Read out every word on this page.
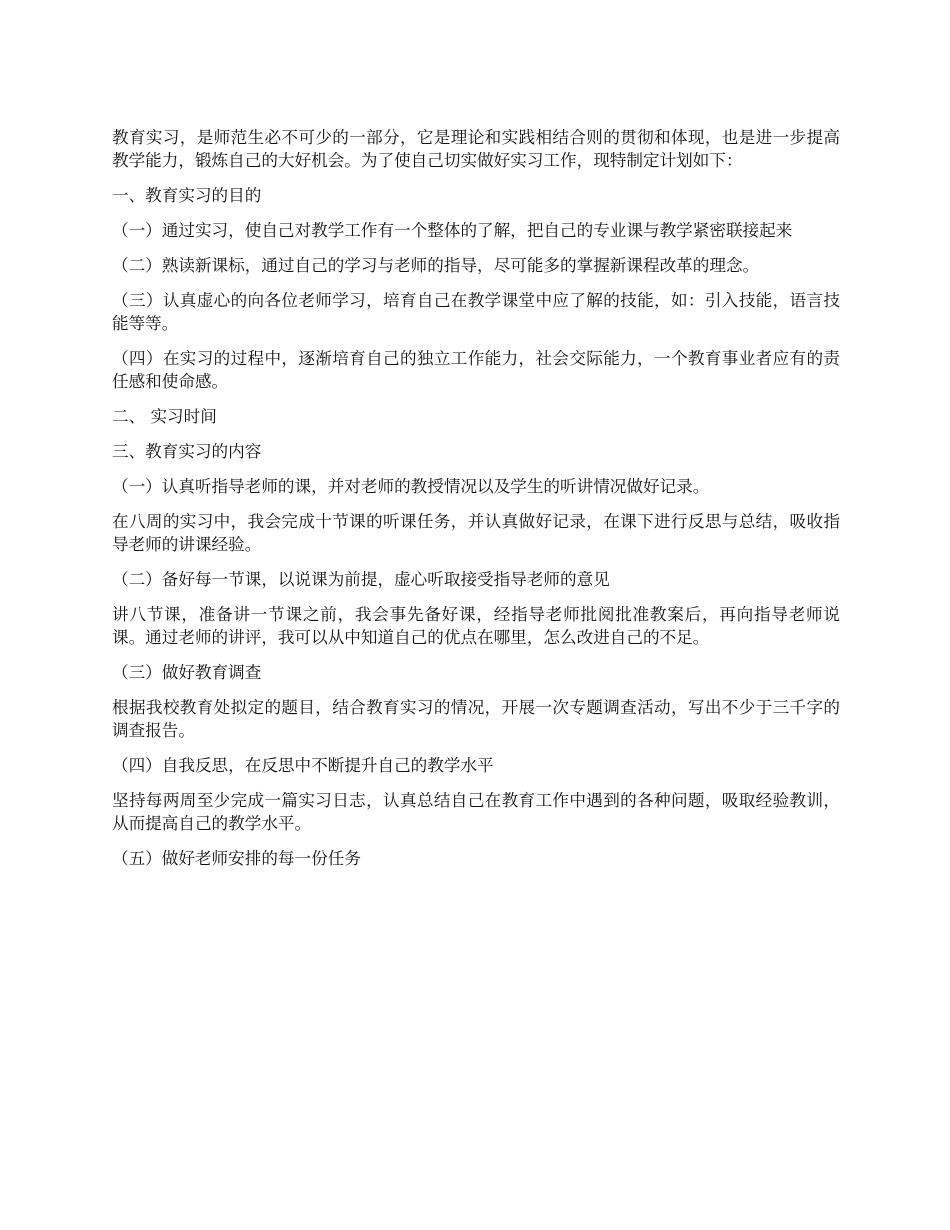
教育实习，是师范生必不可少的一部分，它是理论和实践相结合则的贯彻和体现，也是进一步提高教学能力，锻炼自己的大好机会。为了使自己切实做好实习工作，现特制定计划如下：

一、教育实习的目的

（一）通过实习，使自己对教学工作有一个整体的了解，把自己的专业课与教学紧密联接起来

（二）熟读新课标，通过自己的学习与老师的指导，尽可能多的掌握新课程改革的理念。

（三）认真虚心的向各位老师学习，培育自己在教学课堂中应了解的技能，如：引入技能，语言技能等等。

（四）在实习的过程中，逐渐培育自己的独立工作能力，社会交际能力，一个教育事业者应有的责任感和使命感。

二、 实习时间

三、教育实习的内容

（一）认真听指导老师的课，并对老师的教授情况以及学生的听讲情况做好记录。

在八周的实习中，我会完成十节课的听课任务，并认真做好记录，在课下进行反思与总结，吸收指导老师的讲课经验。

（二）备好每一节课，以说课为前提，虚心听取接受指导老师的意见

讲八节课，准备讲一节课之前，我会事先备好课，经指导老师批阅批准教案后，再向指导老师说课。通过老师的讲评，我可以从中知道自己的优点在哪里，怎么改进自己的不足。

（三）做好教育调查

根据我校教育处拟定的题目，结合教育实习的情况，开展一次专题调查活动，写出不少于三千字的调查报告。

（四）自我反思，在反思中不断提升自己的教学水平

坚持每两周至少完成一篇实习日志，认真总结自己在教育工作中遇到的各种问题，吸取经验教训，从而提高自己的教学水平。

（五）做好老师安排的每一份任务
